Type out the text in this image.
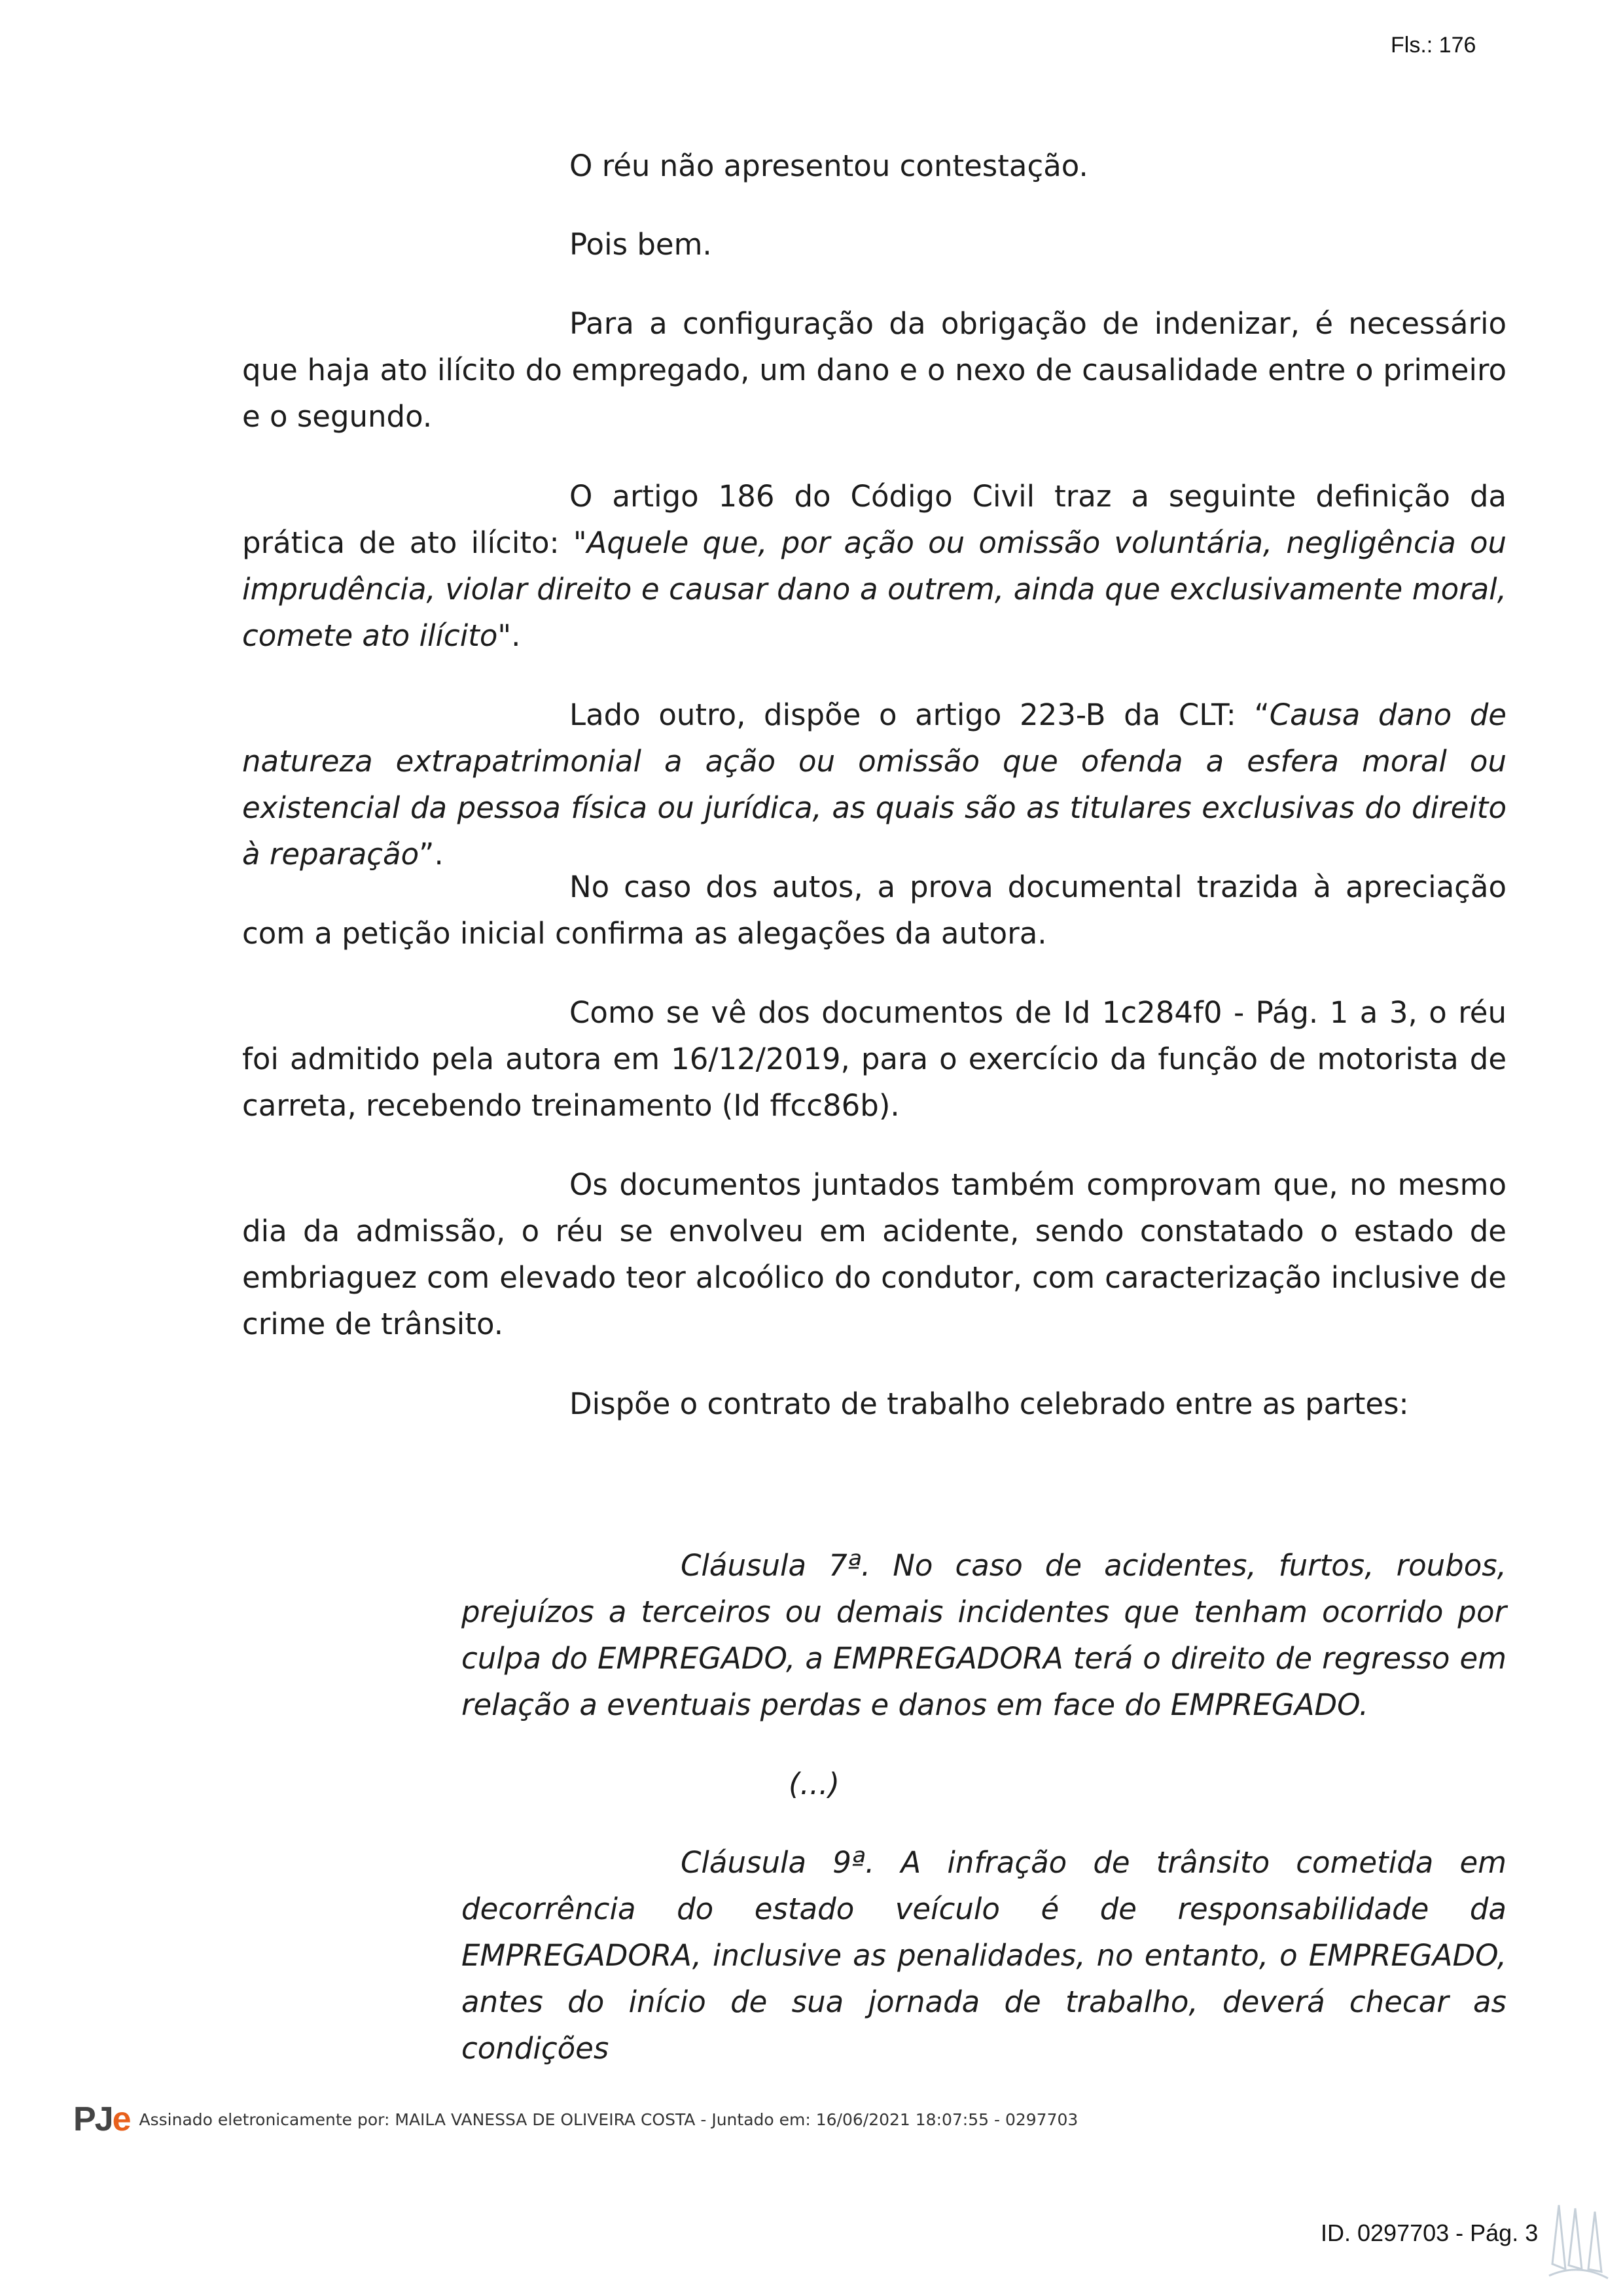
Fls.: 176

O réu não apresentou contestação.

Pois bem.

Para a configuração da obrigação de indenizar, é necessário que haja ato ilícito do empregado, um dano e o nexo de causalidade entre o primeiro e o segundo.

O artigo 186 do Código Civil traz a seguinte definição da prática de ato ilícito: "Aquele que, por ação ou omissão voluntária, negligência ou imprudência, violar direito e causar dano a outrem, ainda que exclusivamente moral, comete ato ilícito".

Lado outro, dispõe o artigo 223-B da CLT: “Causa dano de natureza extrapatrimonial a ação ou omissão que ofenda a esfera moral ou existencial da pessoa física ou jurídica, as quais são as titulares exclusivas do direito à reparação”.

No caso dos autos, a prova documental trazida à apreciação com a petição inicial confirma as alegações da autora.

Como se vê dos documentos de Id 1c284f0 - Pág. 1 a 3, o réu foi admitido pela autora em 16/12/2019, para o exercício da função de motorista de carreta, recebendo treinamento (Id ffcc86b).

Os documentos juntados também comprovam que, no mesmo dia da admissão, o réu se envolveu em acidente, sendo constatado o estado de embriaguez com elevado teor alcoólico do condutor, com caracterização inclusive de crime de trânsito.

Dispõe o contrato de trabalho celebrado entre as partes:

Cláusula 7ª. No caso de acidentes, furtos, roubos, prejuízos a terceiros ou demais incidentes que tenham ocorrido por culpa do EMPREGADO, a EMPREGADORA terá o direito de regresso em relação a eventuais perdas e danos em face do EMPREGADO.

(...)

Cláusula 9ª. A infração de trânsito cometida em decorrência do estado veículo é de responsabilidade da EMPREGADORA, inclusive as penalidades, no entanto, o EMPREGADO, antes do início de sua jornada de trabalho, deverá checar as condições

PJ e Assinado eletronicamente por: MAILA VANESSA DE OLIVEIRA COSTA - Juntado em: 16/06/2021 18:07:55 - 0297703
ID. 0297703 - Pág. 3
